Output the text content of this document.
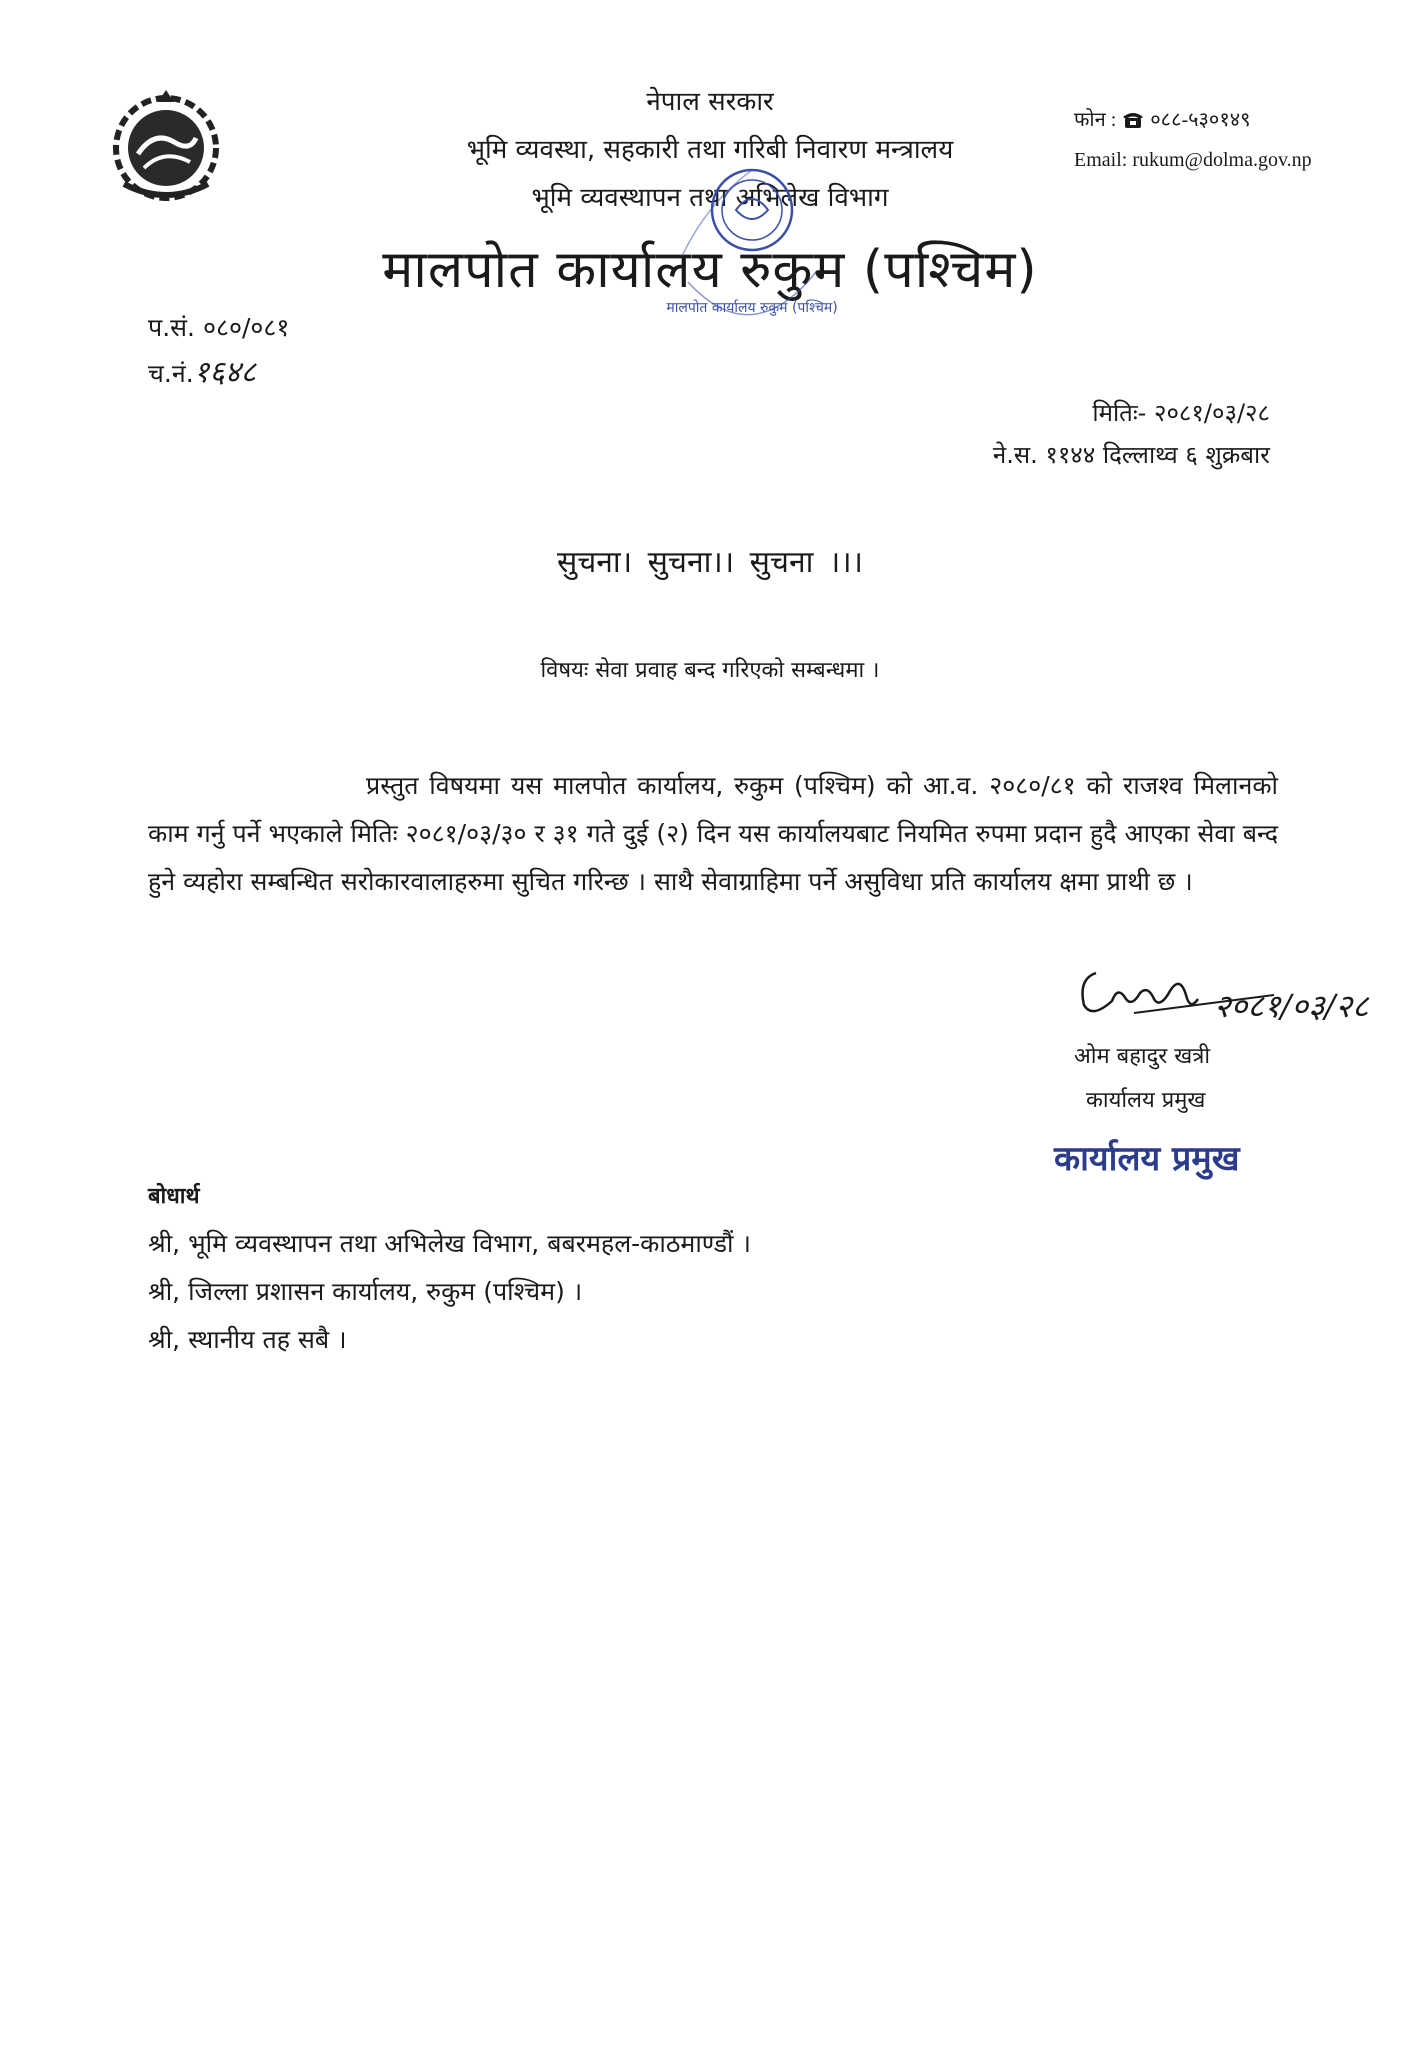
नेपाल सरकार
भूमि व्यवस्था, सहकारी तथा गरिबी निवारण मन्त्रालय
भूमि व्यवस्थापन तथा अभिलेख विभाग
मालपोत कार्यालय रुकुम (पश्चिम)
मालपोत कार्यालय रुकुम (पश्चिम)
फोन : ०८८-५३०१४९
Email: rukum@dolma.gov.np
प.सं. ०८०/०८१
च.नं.१६४८
मितिः- २०८१/०३/२८
ने.स. ११४४ दिल्लाथ्व ६ शुक्रबार
सुचना। सुचना।। सुचना ।।।
विषयः सेवा प्रवाह बन्द गरिएको सम्बन्धमा ।

प्रस्तुत विषयमा यस मालपोत कार्यालय, रुकुम (पश्चिम) को आ.व. २०८०/८१ को राजश्व मिलानको काम गर्नु पर्ने भएकाले मितिः २०८१/०३/३० र ३१ गते दुई (२) दिन यस कार्यालयबाट नियमित रुपमा प्रदान हुदै आएका सेवा बन्द हुने व्यहोरा सम्बन्धित सरोकारवालाहरुमा सुचित गरिन्छ । साथै सेवाग्राहिमा पर्ने असुविधा प्रति कार्यालय क्षमा प्राथी छ ।

२०८१/०३/२८
ओम बहादुर खत्री
कार्यालय प्रमुख
कार्यालय प्रमुख
बोधार्थ
श्री, भूमि व्यवस्थापन तथा अभिलेख विभाग, बबरमहल-काठमाण्डौं ।
श्री, जिल्ला प्रशासन कार्यालय, रुकुम (पश्चिम) ।
श्री, स्थानीय तह सबै ।
